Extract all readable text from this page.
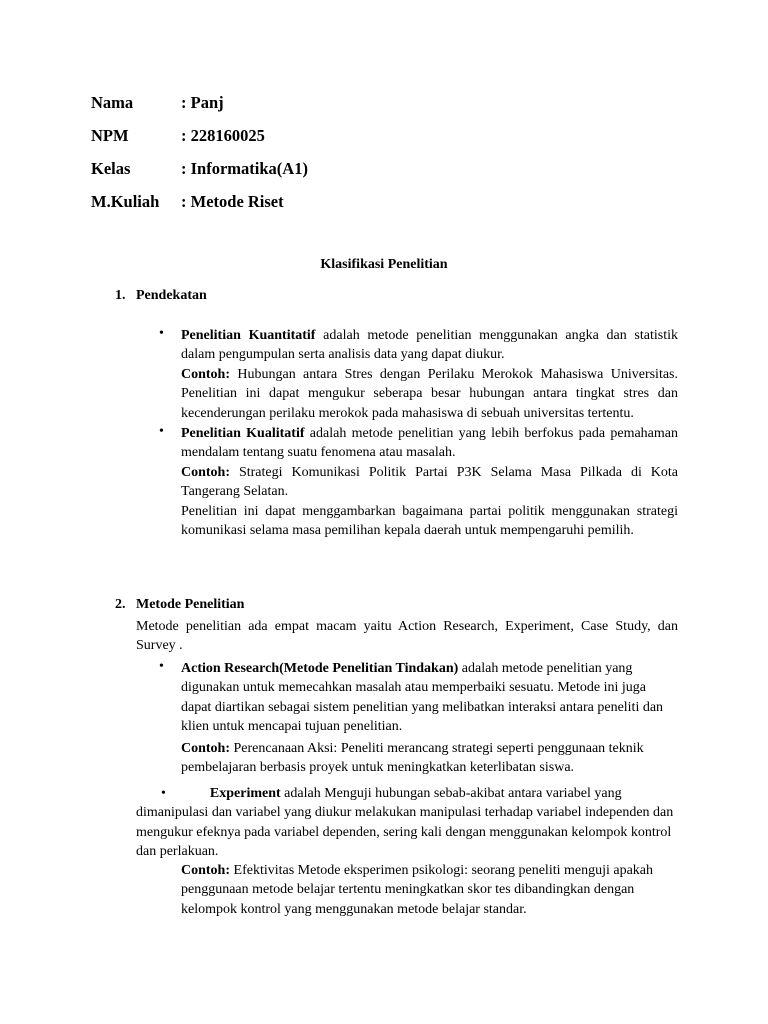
Nama	: Panj
NPM	: 228160025
Kelas	: Informatika(A1)
M.Kuliah : Metode Riset
Klasifikasi Penelitian
1. Pendekatan
• Penelitian Kuantitatif adalah metode penelitian menggunakan angka dan statistik dalam pengumpulan serta analisis data yang dapat diukur.

Contoh: Hubungan antara Stres dengan Perilaku Merokok Mahasiswa Universitas. Penelitian ini dapat mengukur seberapa besar hubungan antara tingkat stres dan kecenderungan perilaku merokok pada mahasiswa di sebuah universitas tertentu.

• Penelitian Kualitatif adalah metode penelitian yang lebih berfokus pada pemahaman mendalam tentang suatu fenomena atau masalah.

Contoh: Strategi Komunikasi Politik Partai P3K Selama Masa Pilkada di Kota Tangerang Selatan.

Penelitian ini dapat menggambarkan bagaimana partai politik menggunakan strategi komunikasi selama masa pemilihan kepala daerah untuk mempengaruhi pemilih.

2. Metode Penelitian
Metode penelitian ada empat macam yaitu Action Research, Experiment, Case Study, dan Survey .
• Action Research(Metode Penelitian Tindakan) adalah metode penelitian yang digunakan untuk memecahkan masalah atau memperbaiki sesuatu. Metode ini juga dapat diartikan sebagai sistem penelitian yang melibatkan interaksi antara peneliti dan klien untuk mencapai tujuan penelitian.

Contoh: Perencanaan Aksi: Peneliti merancang strategi seperti penggunaan teknik pembelajaran berbasis proyek untuk meningkatkan keterlibatan siswa.

•	Experiment adalah Menguji hubungan sebab-akibat antara variabel yang dimanipulasi dan variabel yang diukur melakukan manipulasi terhadap variabel independen dan mengukur efeknya pada variabel dependen, sering kali dengan menggunakan kelompok kontrol dan perlakuan.

Contoh: Efektivitas Metode eksperimen psikologi: seorang peneliti menguji apakah penggunaan metode belajar tertentu meningkatkan skor tes dibandingkan dengan kelompok kontrol yang menggunakan metode belajar standar.
